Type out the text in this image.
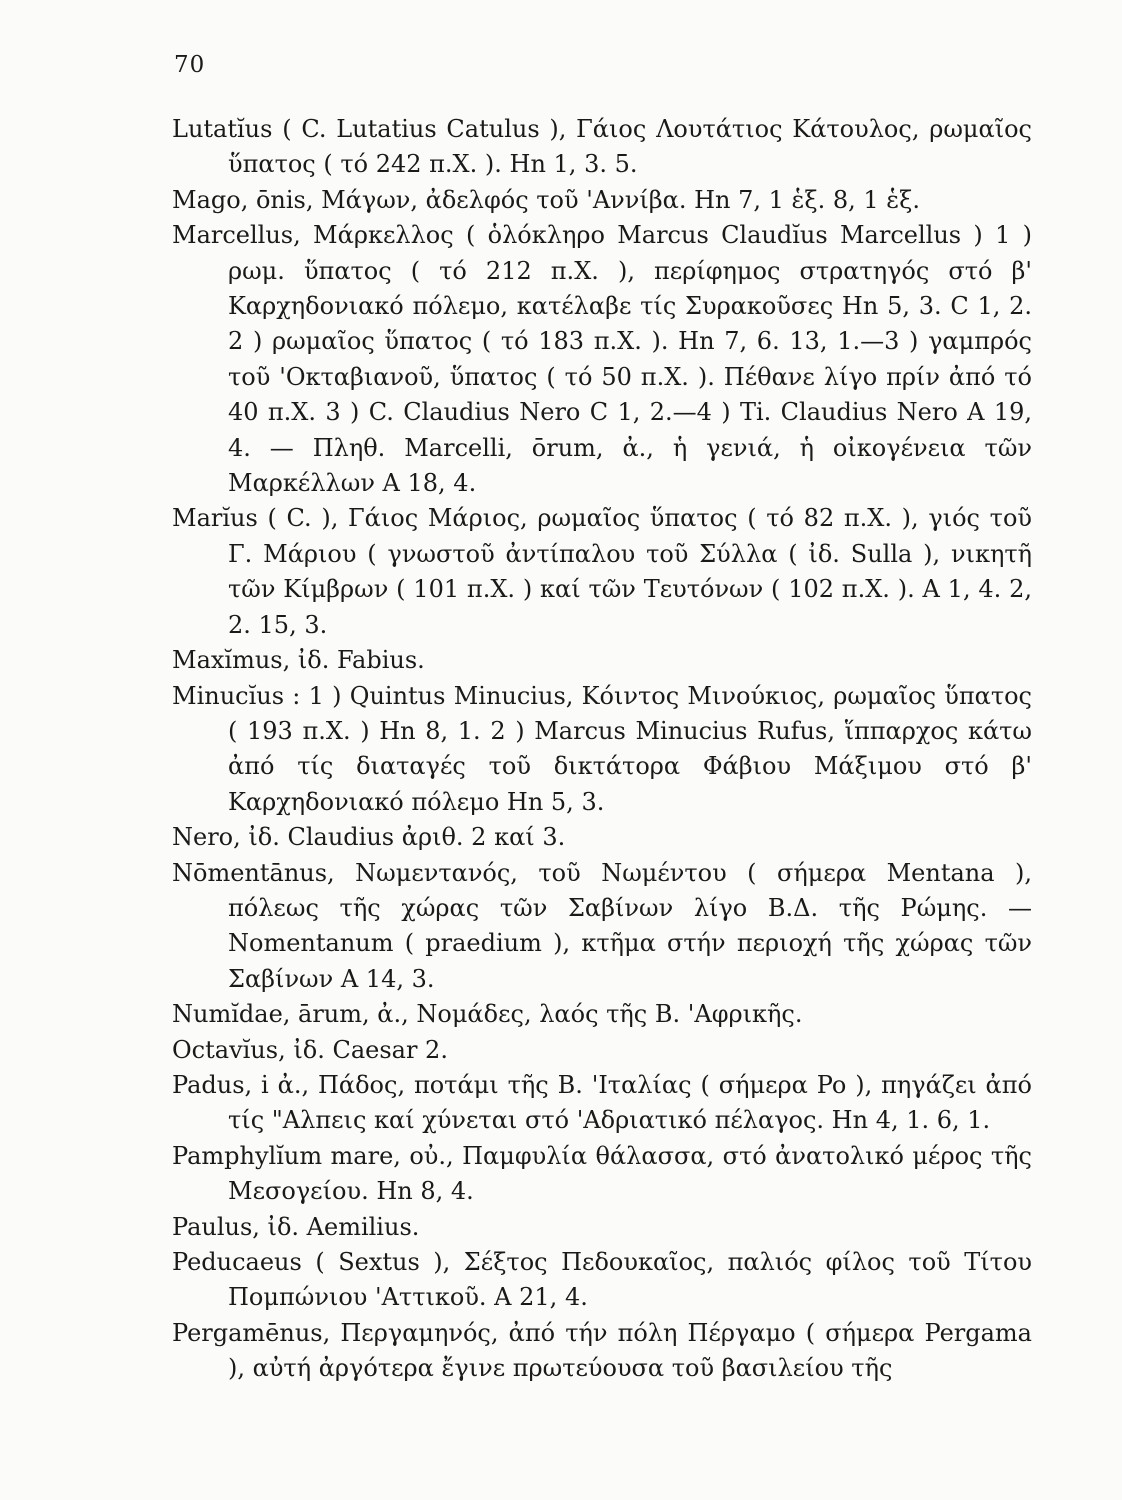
70

Lutatĭus ( C. Lutatius Catulus ), Γάιος Λουτάτιος Κάτουλος, ρωμαῖος ὕπατος ( τό 242 π.Χ. ). Hn 1, 3. 5.

Mago, ōnis, Μάγων, ἀδελφός τοῦ 'Αννίβα. Hn 7, 1 ἑξ. 8, 1 ἑξ.

Marcellus, Μάρκελλος ( ὁλόκληρο Marcus Claudĭus Marcellus ) 1 ) ρωμ. ὕπατος ( τό 212 π.Χ. ), περίφημος στρατηγός στό β' Καρχηδονιακό πόλεμο, κατέλαβε τίς Συρακοῦσες Hn 5, 3. C 1, 2. 2 ) ρωμαῖος ὕπατος ( τό 183 π.Χ. ). Hn 7, 6. 13, 1.—3 ) γαμπρός τοῦ 'Οκταβιανοῦ, ὕπατος ( τό 50 π.Χ. ). Πέθανε λίγο πρίν ἀπό τό 40 π.Χ. 3 ) C. Claudius Nero C 1, 2.—4 ) Ti. Claudius Nero A 19, 4. — Πληθ. Marcelli, ōrum, ἀ., ἡ γενιά, ἡ οἰκογένεια τῶν Μαρκέλλων A 18, 4.

Marĭus ( C. ), Γάιος Μάριος, ρωμαῖος ὕπατος ( τό 82 π.Χ. ), γιός τοῦ Γ. Μάριου ( γνωστοῦ ἀντίπαλου τοῦ Σύλλα ( ἰδ. Sulla ), νικητῆ τῶν Κίμβρων ( 101 π.Χ. ) καί τῶν Τευτόνων ( 102 π.Χ. ). A 1, 4. 2, 2. 15, 3.

Maxĭmus, ἰδ. Fabius.

Minucĭus : 1 ) Quintus Minucius, Κόιντος Μινούκιος, ρωμαῖος ὕπατος ( 193 π.Χ. ) Hn 8, 1. 2 ) Marcus Minucius Rufus, ἵππαρχος κάτω ἀπό τίς διαταγές τοῦ δικτάτορα Φάβιου Μάξιμου στό β' Καρχηδονιακό πόλεμο Hn 5, 3.

Nero, ἰδ. Claudius ἀριθ. 2 καί 3.

Nōmentānus, Νωμεντανός, τοῦ Νωμέντου ( σήμερα Mentana ), πόλεως τῆς χώρας τῶν Σαβίνων λίγο Β.Δ. τῆς Ρώμης. — Nomentanum ( praedium ), κτῆμα στήν περιοχή τῆς χώρας τῶν Σαβίνων A 14, 3.

Numĭdae, ārum, ἀ., Νομάδες, λαός τῆς Β. 'Αφρικῆς.

Octavĭus, ἰδ. Caesar 2.

Padus, i ἀ., Πάδος, ποτάμι τῆς Β. 'Ιταλίας ( σήμερα Po ), πηγάζει ἀπό τίς "Αλπεις καί χύνεται στό 'Αδριατικό πέλαγος. Hn 4, 1. 6, 1.

Pamphylĭum mare, οὐ., Παμφυλία θάλασσα, στό ἀνατολικό μέρος τῆς Μεσογείου. Hn 8, 4.

Paulus, ἰδ. Aemilius.

Peducaeus ( Sextus ), Σέξτος Πεδουκαῖος, παλιός φίλος τοῦ Τίτου Πομπώνιου 'Αττικοῦ. A 21, 4.

Pergamēnus, Περγαμηνός, ἀπό τήν πόλη Πέργαμο ( σήμερα Pergama ), αὐτή ἀργότερα ἔγινε πρωτεύουσα τοῦ βασιλείου τῆς
